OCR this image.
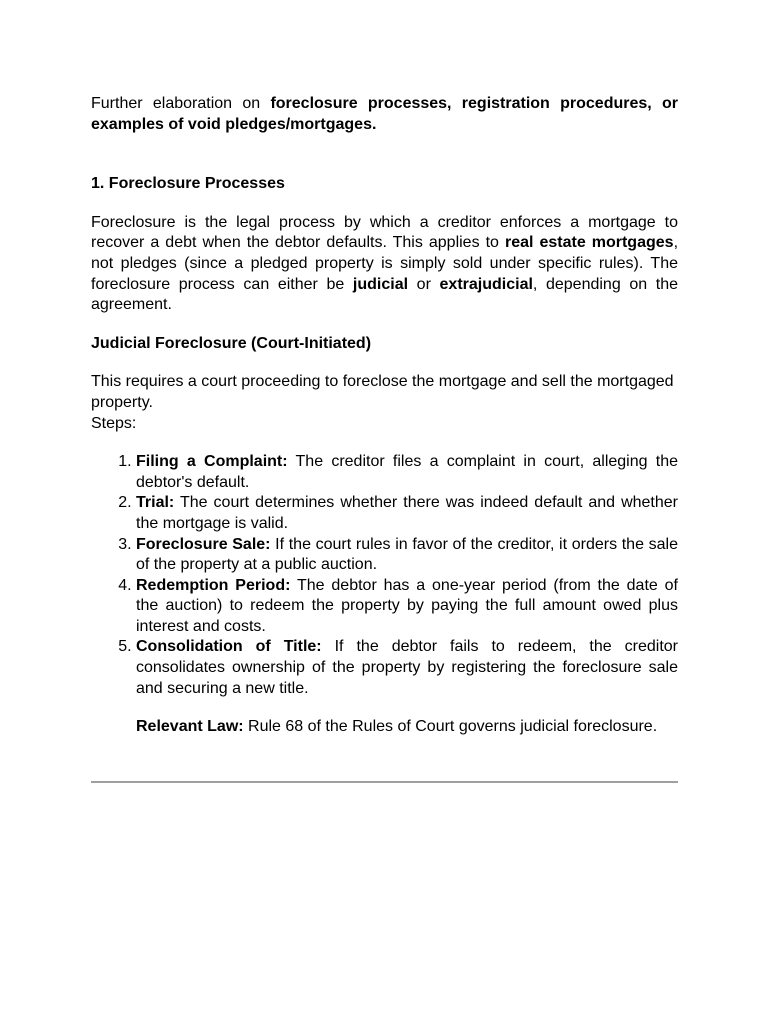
Further elaboration on foreclosure processes, registration procedures, or examples of void pledges/mortgages.

1. Foreclosure Processes

Foreclosure is the legal process by which a creditor enforces a mortgage to recover a debt when the debtor defaults. This applies to real estate mortgages, not pledges (since a pledged property is simply sold under specific rules). The foreclosure process can either be judicial or extrajudicial, depending on the agreement.

Judicial Foreclosure (Court-Initiated)

This requires a court proceeding to foreclose the mortgage and sell the mortgaged property.

Steps:

1. Filing a Complaint: The creditor files a complaint in court, alleging the debtor's default.
2. Trial: The court determines whether there was indeed default and whether the mortgage is valid.
3. Foreclosure Sale: If the court rules in favor of the creditor, it orders the sale of the property at a public auction.
4. Redemption Period: The debtor has a one-year period (from the date of the auction) to redeem the property by paying the full amount owed plus interest and costs.
5. Consolidation of Title: If the debtor fails to redeem, the creditor consolidates ownership of the property by registering the foreclosure sale and securing a new title.

Relevant Law: Rule 68 of the Rules of Court governs judicial foreclosure.
